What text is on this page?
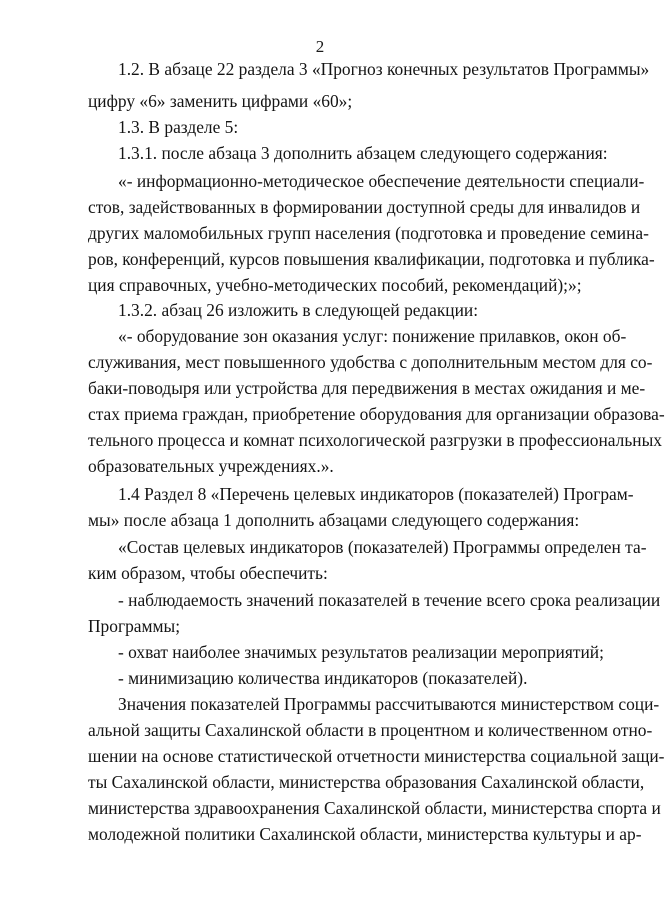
2
1.2. В абзаце 22 раздела 3 «Прогноз конечных результатов Программы»
цифру «6» заменить цифрами «60»;
1.3. В разделе 5:
1.3.1. после абзаца 3 дополнить абзацем следующего содержания:
«- информационно-методическое обеспечение деятельности специали-
стов, задействованных в формировании доступной среды для инвалидов и
других маломобильных групп населения (подготовка и проведение семина-
ров, конференций, курсов повышения квалификации, подготовка и публика-
ция справочных, учебно-методических пособий, рекомендаций);»;
1.3.2. абзац 26 изложить в следующей редакции:
«- оборудование зон оказания услуг: понижение прилавков, окон об-
служивания, мест повышенного удобства с дополнительным местом для со-
баки-поводыря или устройства для передвижения в местах ожидания и ме-
стах приема граждан, приобретение оборудования для организации образова-
тельного процесса и комнат психологической разгрузки в профессиональных
образовательных учреждениях.».
1.4 Раздел 8 «Перечень целевых индикаторов (показателей) Програм-
мы» после абзаца 1 дополнить абзацами следующего содержания:
«Состав целевых индикаторов (показателей) Программы определен та-
ким образом, чтобы обеспечить:
- наблюдаемость значений показателей в течение всего срока реализации
Программы;
- охват наиболее значимых результатов реализации мероприятий;
- минимизацию количества индикаторов (показателей).
Значения показателей Программы рассчитываются министерством соци-
альной защиты Сахалинской области в процентном и количественном отно-
шении на основе статистической отчетности министерства социальной защи-
ты Сахалинской области, министерства образования Сахалинской области,
министерства здравоохранения Сахалинской области, министерства спорта и
молодежной политики Сахалинской области, министерства культуры и ар-
